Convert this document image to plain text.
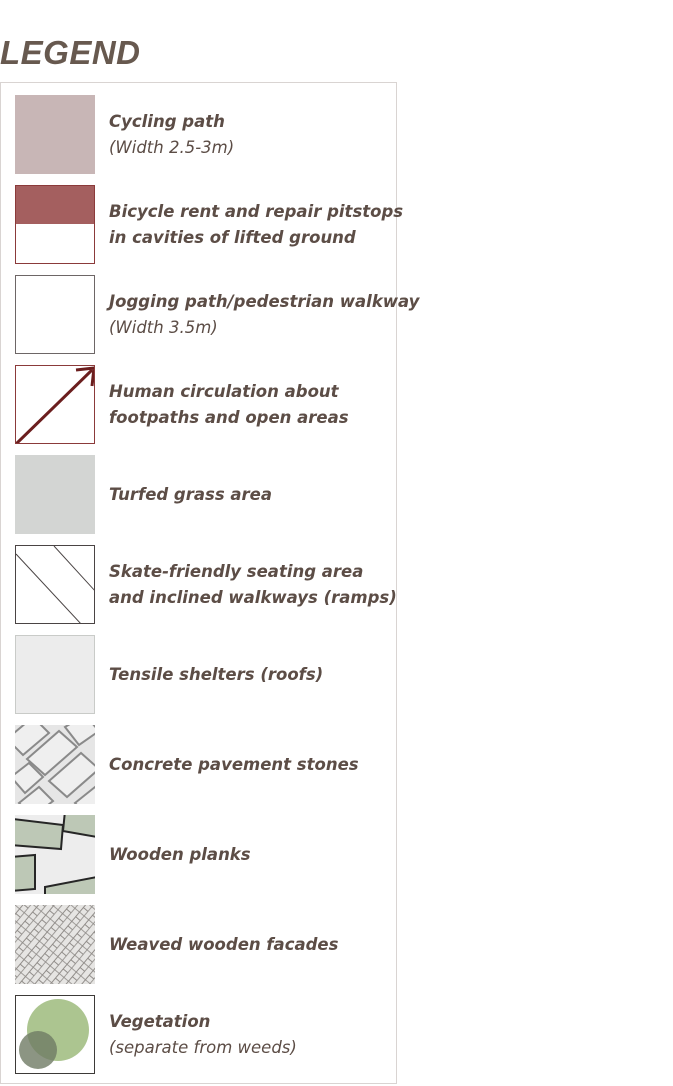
LEGEND
Cycling path
(Width 2.5-3m)
Bicycle rent and repair pitstops
in cavities of lifted ground
Jogging path/pedestrian walkway
(Width 3.5m)
Human circulation about
footpaths and open areas
Turfed grass area
Skate-friendly seating area
and inclined walkways (ramps)
Tensile shelters (roofs)
Concrete pavement stones
Wooden planks
Weaved wooden facades
Vegetation
(separate from weeds)
